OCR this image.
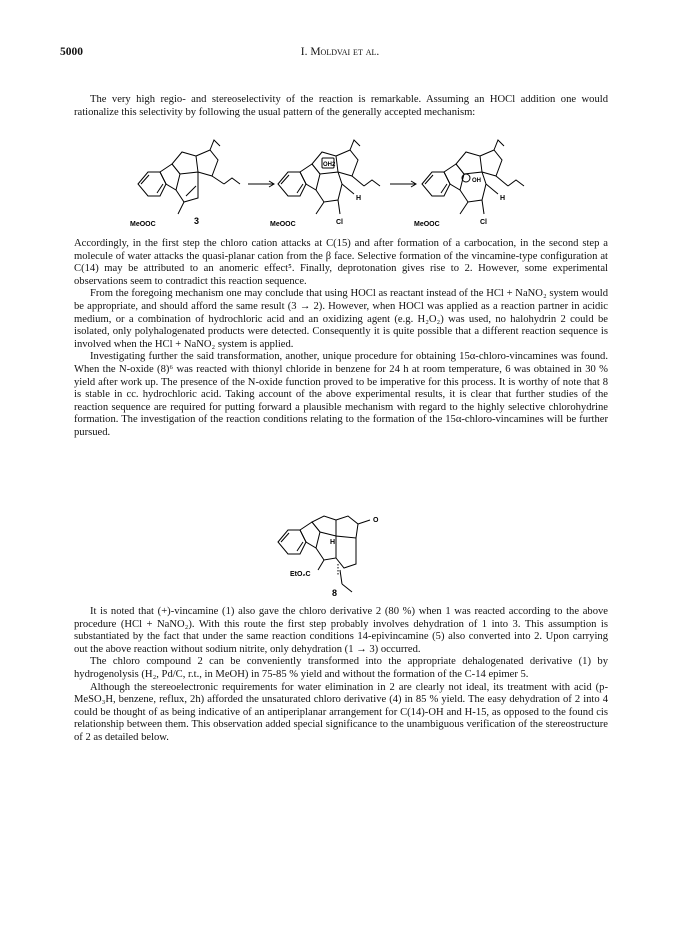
5000	I. Moldvai et al.

The very high regio- and stereoselectivity of the reaction is remarkable. Assuming an HOCl addition one would rationalize this selectivity by following the usual pattern of the generally accepted mechanism:

MeOOC	3	MeOOC
OH2
H
Cl	MeOOC
OH
H
Cl

Accordingly, in the first step the chloro cation attacks at C(15) and after formation of a carbocation, in the second step a molecule of water attacks the quasi-planar cation from the β face. Selective formation of the vincamine-type configuration at C(14) may be attributed to an anomeric effect⁵. Finally, deprotonation gives rise to 2. However, some experimental observations seem to contradict this reaction sequence.

From the foregoing mechanism one may conclude that using HOCl as reactant instead of the HCl + NaNO₂ system would be appropriate, and should afford the same result (3 → 2). However, when HOCl was applied as a reaction partner in acidic medium, or a combination of hydrochloric acid and an oxidizing agent (e.g. H₂O₂) was used, no halohydrin 2 could be isolated, only polyhalogenated products were detected. Consequently it is quite possible that a different reaction sequence is involved when the HCl + NaNO₂ system is applied.

Investigating further the said transformation, another, unique procedure for obtaining 15α-chloro-vincamines was found. When the N-oxide (8)⁶ was reacted with thionyl chloride in benzene for 24 h at room temperature, 6 was obtained in 30 % yield after work up. The presence of the N-oxide function proved to be imperative for this process. It is worthy of note that 8 is stable in cc. hydrochloric acid. Taking account of the above experimental results, it is clear that further studies of the reaction sequence are required for putting forward a plausible mechanism with regard to the highly selective chlorohydrine formation. The investigation of the reaction conditions relating to the formation of the 15α-chloro-vincamines will be further pursued.

O
H
EtO₂C
8

It is noted that (+)-vincamine (1) also gave the chloro derivative 2 (80 %) when 1 was reacted according to the above procedure (HCl + NaNO₂). With this route the first step probably involves dehydration of 1 into 3. This assumption is substantiated by the fact that under the same reaction conditions 14-epivincamine (5) also converted into 2. Upon carrying out the above reaction without sodium nitrite, only dehydration (1 → 3) occurred.

The chloro compound 2 can be conveniently transformed into the appropriate dehalogenated derivative (1) by hydrogenolysis (H₂, Pd/C, r.t., in MeOH) in 75-85 % yield and without the formation of the C-14 epimer 5.

Although the stereoelectronic requirements for water elimination in 2 are clearly not ideal, its treatment with acid (p-MeSO₃H, benzene, reflux, 2h) afforded the unsaturated chloro derivative (4) in 85 % yield. The easy dehydration of 2 into 4 could be thought of as being indicative of an antiperiplanar arrangement for C(14)-OH and H-15, as opposed to the found cis relationship between them. This observation added special significance to the unambiguous verification of the stereostructure of 2 as detailed below.
